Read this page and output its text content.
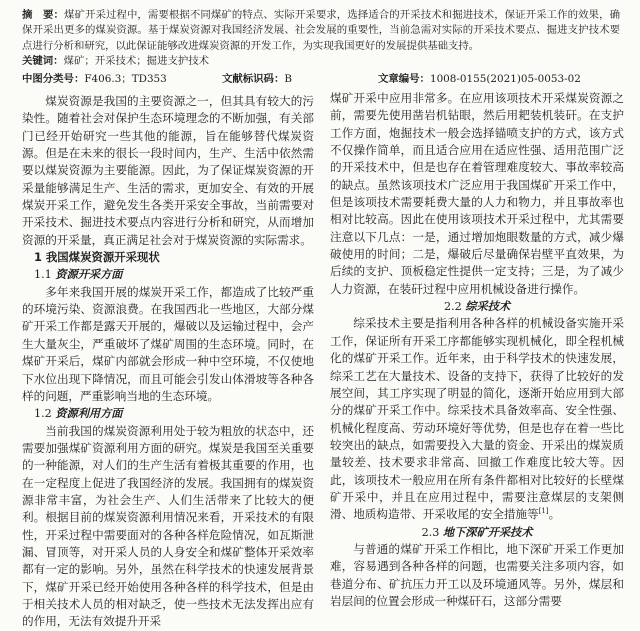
摘　要：煤矿开采过程中，需要根据不同煤矿的特点、实际开采要求，选择适合的开采技术和掘进技术，保证开采工作的效果，确保开采出更多的煤炭资源。基于煤炭资源对我国经济发展、社会发展的重要性，当前急需对实际的开采技术要点、掘进支护技术要点进行分析和研究，以此保证能够改进煤炭资源的开发工作，为实现我国更好的发展提供基础支持。
关键词：煤矿；开采技术；掘进支护技术
中图分类号：F406.3；TD353	文献标识码：B	文章编号：1008-0155(2021)05-0053-02

煤炭资源是我国的主要资源之一，但其具有较大的污染性。随着社会对保护生态环境理念的不断加强，有关部门已经开始研究一些其他的能源，旨在能够替代煤炭资源。但是在未来的很长一段时间内，生产、生活中依然需要以煤炭资源为主要能源。因此，为了保证煤炭资源的开采量能够满足生产、生活的需求，更加安全、有效的开展煤炭开采工作，避免发生各类开采安全事故，当前需要对开采技术、掘进技术要点内容进行分析和研究，从而增加资源的开采量，真正满足社会对于煤炭资源的实际需求。

1 我国煤炭资源开采现状
1.1 资源开采方面

多年来我国开展的煤炭开采工作，都造成了比较严重的环境污染、资源浪费。在我国西北一些地区，大部分煤矿开采工作都是露天开展的，爆破以及运输过程中，会产生大量灰尘，严重破坏了煤矿周围的生态环境。同时，在煤矿开采后，煤矿内部就会形成一种中空环境，不仅使地下水位出现下降情况，而且可能会引发山体滑坡等各种各样的问题，严重影响当地的生态环境。

1.2 资源利用方面

当前我国的煤炭资源利用处于较为粗放的状态中，还需要加强煤矿资源利用方面的研究。煤炭是我国至关重要的一种能源，对人们的生产生活有着极其重要的作用，也在一定程度上促进了我国经济的发展。我国拥有的煤炭资源非常丰富，为社会生产、人们生活带来了比较大的便利。根据目前的煤炭资源利用情况来看，开采技术的有限性，开采过程中需要面对的各种各样危险情况，如瓦斯泄漏、冒顶等，对开采人员的人身安全和煤矿整体开采效率都有一定的影响。另外，虽然在科学技术的快速发展背景下，煤矿开采已经开始使用各种各样的科学技术，但是由于相关技术人员的相对缺乏，使一些技术无法发挥出应有的作用，无法有效提升开采

煤矿开采中应用非常多。在应用该项技术开采煤炭资源之前，需要先使用凿岩机钻眼，然后用耙装机装矸。在支护工作方面，炮掘技术一般会选择锚喷支护的方式，该方式不仅操作简单，而且适合应用在适应性强、适用范围广泛的开采技术中，但是也存在着管理难度较大、事故率较高的缺点。虽然该项技术广泛应用于我国煤矿开采工作中，但是该项技术需要耗费大量的人力和物力，并且事故率也相对比较高。因此在使用该项技术开采过程中，尤其需要注意以下几点：一是，通过增加炮眼数量的方式，减少爆破使用的时间；二是，爆破后尽量确保岩壁平直效果，为后续的支护、顶板稳定性提供一定支持；三是，为了减少人力资源，在装矸过程中应用机械设备进行操作。

2.2 综采技术

综采技术主要是指利用各种各样的机械设备实施开采工作，保证所有开采工序都能够实现机械化，即全程机械化的煤矿开采工作。近年来，由于科学技术的快速发展，综采工艺在大量技术、设备的支持下，获得了比较好的发展空间，其工序实现了明显的简化，逐渐开始应用到大部分的煤矿开采工作中。综采技术具备效率高、安全性强、机械化程度高、劳动环境好等优势，但是也存在着一些比较突出的缺点，如需要投入大量的资金、开采出的煤炭质量较差、技术要求非常高、回撤工作难度比较大等。因此，该项技术一般应用在所有条件都相对比较好的长壁煤矿开采中，并且在应用过程中，需要注意煤层的支架侧滑、地质构造带、开采收尾的安全措施等[1]。

2.3 地下深矿开采技术

与普通的煤矿开采工作相比，地下深矿开采工作更加难，容易遇到各种各样的问题，也需要关注多项内容，如巷道分布、矿抗压力开工以及环境通风等。另外，煤层和岩层间的位置会形成一种煤矸石，这部分需要
